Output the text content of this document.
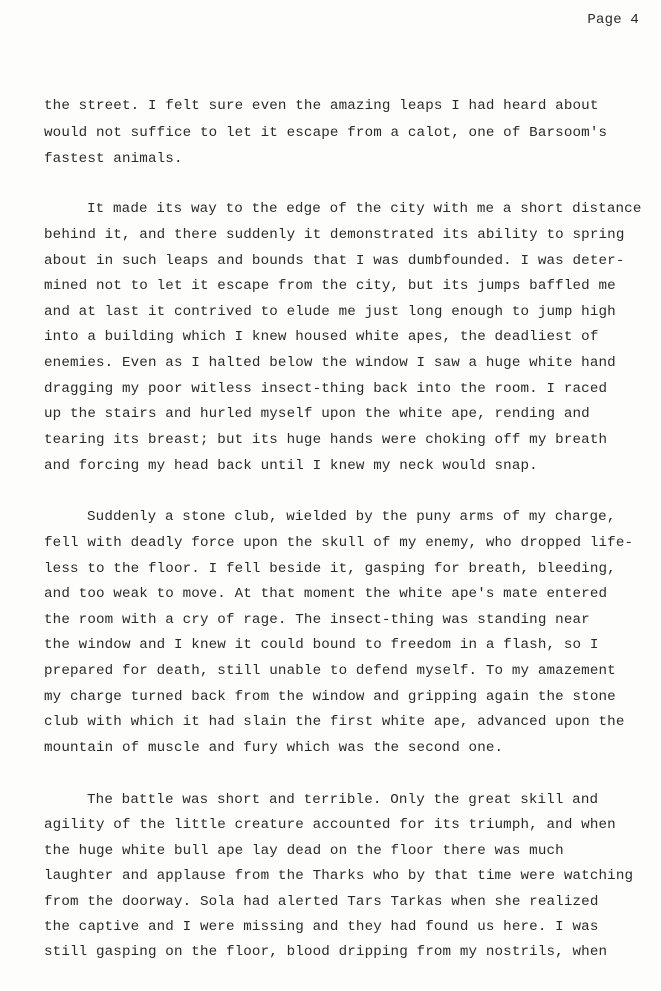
Page 4
the street. I felt sure even the amazing leaps I had heard about
would not suffice to let it escape from a calot, one of Barsoom's
fastest animals.
It made its way to the edge of the city with me a short distance
behind it, and there suddenly it demonstrated its ability to spring
about in such leaps and bounds that I was dumbfounded. I was deter-
mined not to let it escape from the city, but its jumps baffled me
and at last it contrived to elude me just long enough to jump high
into a building which I knew housed white apes, the deadliest of
enemies. Even as I halted below the window I saw a huge white hand
dragging my poor witless insect-thing back into the room. I raced
up the stairs and hurled myself upon the white ape, rending and
tearing its breast; but its huge hands were choking off my breath
and forcing my head back until I knew my neck would snap.
Suddenly a stone club, wielded by the puny arms of my charge,
fell with deadly force upon the skull of my enemy, who dropped life-
less to the floor. I fell beside it, gasping for breath, bleeding,
and too weak to move. At that moment the white ape's mate entered
the room with a cry of rage. The insect-thing was standing near
the window and I knew it could bound to freedom in a flash, so I
prepared for death, still unable to defend myself. To my amazement
my charge turned back from the window and gripping again the stone
club with which it had slain the first white ape, advanced upon the
mountain of muscle and fury which was the second one.
The battle was short and terrible. Only the great skill and
agility of the little creature accounted for its triumph, and when
the huge white bull ape lay dead on the floor there was much
laughter and applause from the Tharks who by that time were watching
from the doorway. Sola had alerted Tars Tarkas when she realized
the captive and I were missing and they had found us here. I was
still gasping on the floor, blood dripping from my nostrils, when
